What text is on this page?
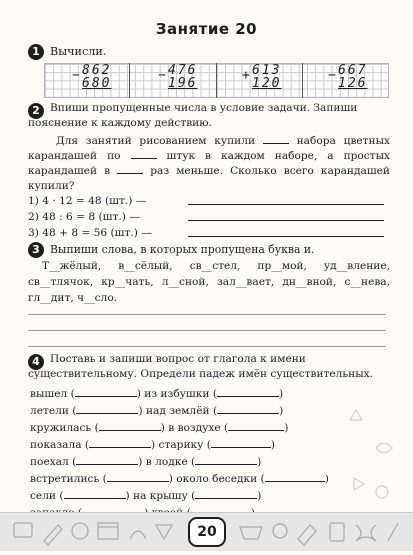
Занятие 20
1 Вычисли.
− 862
680
− 476
196
+ 613
120
− 667
126
2 Впиши пропущенные числа в условие задачи. Запиши пояснение к каждому действию.
Для занятий рисованием купили	набора цветных карандашей по	штук в каждом наборе, а простых карандашей в	раз меньше. Сколько всего карандашей купили?
1) 4 · 12 = 48 (шт.) —
2) 48 : 6 = 8 (шт.) —
3) 48 + 8 = 56 (шт.) —
3 Выпиши слова, в которых пропущена буква и.
Т__жёлый, в__сёлый, св__стел, пр__мой, уд__вление, св__тлячок, кр__чать, л__сной, зал__вает, дн__вной, с__нева, гл__дит, ч__сло.
4 Поставь и запиши вопрос от глагола к имени существительному. Определи падеж имён существительных.
вышел (	) из избушки (	)
летели (	) над землёй (	)
кружилась (	) в воздухе (	)
показала (	) старику (	)
поехал (	) в лодке (	)
встретились (	) около беседки (	)
сели (	) на крышу (	)
20
